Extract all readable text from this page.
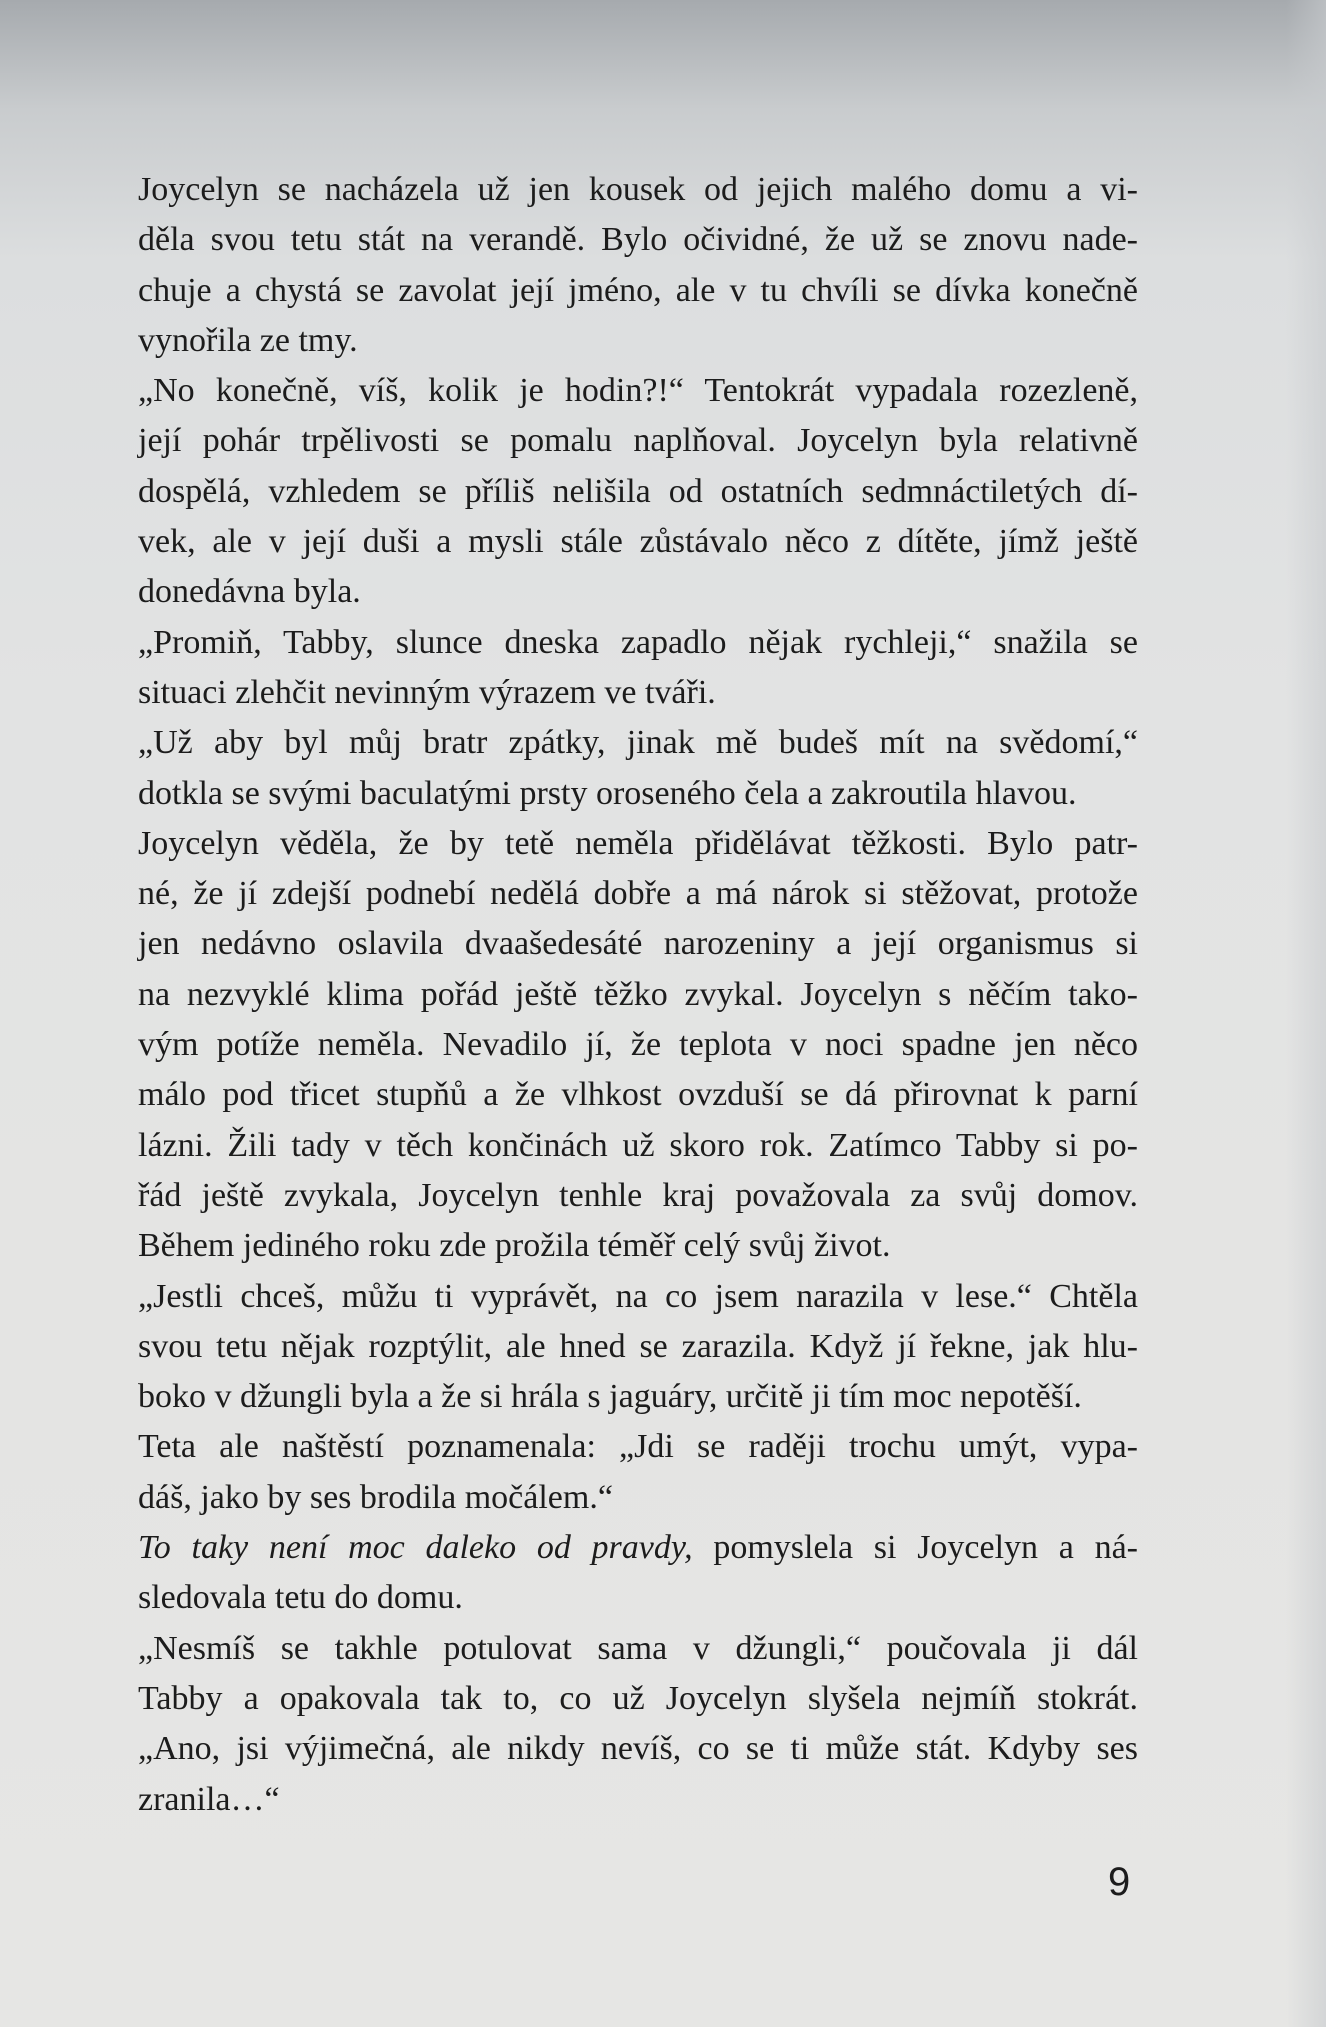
Joycelyn se nacházela už jen kousek od jejich malého domu a vi-
děla svou tetu stát na verandě. Bylo očividné, že už se znovu nade-
chuje a chystá se zavolat její jméno, ale v tu chvíli se dívka konečně
vynořila ze tmy.

„No konečně, víš, kolik je hodin?!“ Tentokrát vypadala rozezleně,
její pohár trpělivosti se pomalu naplňoval. Joycelyn byla relativně
dospělá, vzhledem se příliš nelišila od ostatních sedmnáctiletých dí-
vek, ale v její duši a mysli stále zůstávalo něco z dítěte, jímž ještě
donedávna byla.

„Promiň, Tabby, slunce dneska zapadlo nějak rychleji,“ snažila se
situaci zlehčit nevinným výrazem ve tváři.

„Už aby byl můj bratr zpátky, jinak mě budeš mít na svědomí,“
dotkla se svými baculatými prsty oroseného čela a zakroutila hlavou.

Joycelyn věděla, že by tetě neměla přidělávat těžkosti. Bylo patr-
né, že jí zdejší podnebí nedělá dobře a má nárok si stěžovat, protože
jen nedávno oslavila dvaašedesáté narozeniny a její organismus si
na nezvyklé klima pořád ještě těžko zvykal. Joycelyn s něčím tako-
vým potíže neměla. Nevadilo jí, že teplota v noci spadne jen něco
málo pod třicet stupňů a že vlhkost ovzduší se dá přirovnat k parní
lázni. Žili tady v těch končinách už skoro rok. Zatímco Tabby si po-
řád ještě zvykala, Joycelyn tenhle kraj považovala za svůj domov.
Během jediného roku zde prožila téměř celý svůj život.

„Jestli chceš, můžu ti vyprávět, na co jsem narazila v lese.“ Chtěla
svou tetu nějak rozptýlit, ale hned se zarazila. Když jí řekne, jak hlu-
boko v džungli byla a že si hrála s jaguáry, určitě ji tím moc nepotěší.

Teta ale naštěstí poznamenala: „Jdi se raději trochu umýt, vypa-
dáš, jako by ses brodila močálem.“

To taky není moc daleko od pravdy, pomyslela si Joycelyn a ná-
sledovala tetu do domu.

„Nesmíš se takhle potulovat sama v džungli,“ poučovala ji dál
Tabby a opakovala tak to, co už Joycelyn slyšela nejmíň stokrát.
„Ano, jsi výjimečná, ale nikdy nevíš, co se ti může stát. Kdyby ses
zranila…“

9
